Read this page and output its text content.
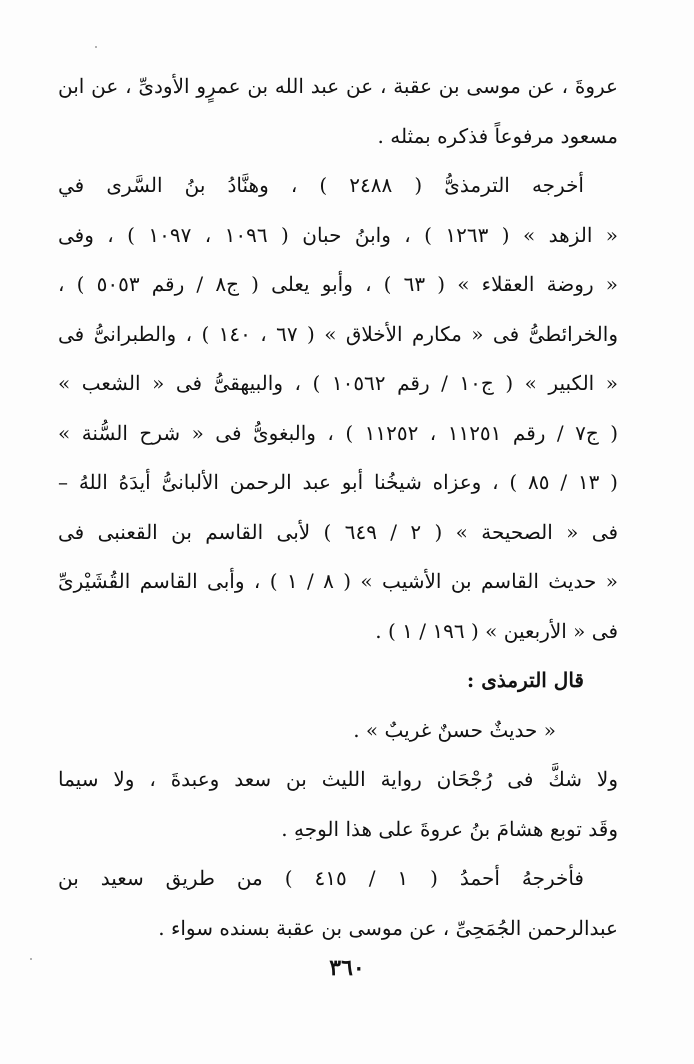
عروةَ ، عن موسى بن عقبة ، عن عبد الله بن عمرٍو الأودىِّ ، عن ابن
مسعود مرفوعاً فذكره بمثله .
أخرجه الترمذىُّ ( ٢٤٨٨ ) ، وهنَّادُ بنُ السَّرى في
« الزهد » ( ١٢٦٣ ) ، وابنُ حبان ( ١٠٩٦ ، ١٠٩٧ ) ، وفى
« روضة العقلاء » ( ٦٣ ) ، وأبو يعلى ( ج٨ / رقم ٥٠٥٣ ) ،
والخرائطىُّ فى « مكارم الأخلاق » ( ٦٧ ، ١٤٠ ) ، والطبرانىُّ فى
« الكبير » ( ج١٠ / رقم ١٠٥٦٢ ) ، والبيهقىُّ فى « الشعب »
( ج٧ / رقم ١١٢٥١ ، ١١٢٥٢ ) ، والبغوىُّ فى « شرح السُّنة »
( ١٣ / ٨٥ ) ، وعزاه شيخُنا أبو عبد الرحمن الألبانىُّ أيدَهُ اللهُ –
فى « الصحيحة » ( ٢ / ٦٤٩ ) لأبى القاسم بن القعنبى فى
« حديث القاسم بن الأشيب » ( ٨ / ١ ) ، وأبى القاسم القُشَيْرىِّ
فى « الأربعين » ( ١٩٦ / ١ ) .
قال الترمذى :
« حديثٌ حسنٌ غريبٌ » .
ولا شكَّ فى رُجْحَان رواية الليث بن سعد وعبدةَ ، ولا سيما
وقَد توبع هشامَ بنُ عروةَ على هذا الوجهِ .
فأخرجهُ أحمدُ ( ١ / ٤١٥ ) من طريق سعيد بن
عبدالرحمن الجُمَحِىِّ ، عن موسى بن عقبة بسنده سواء .
٣٦٠
